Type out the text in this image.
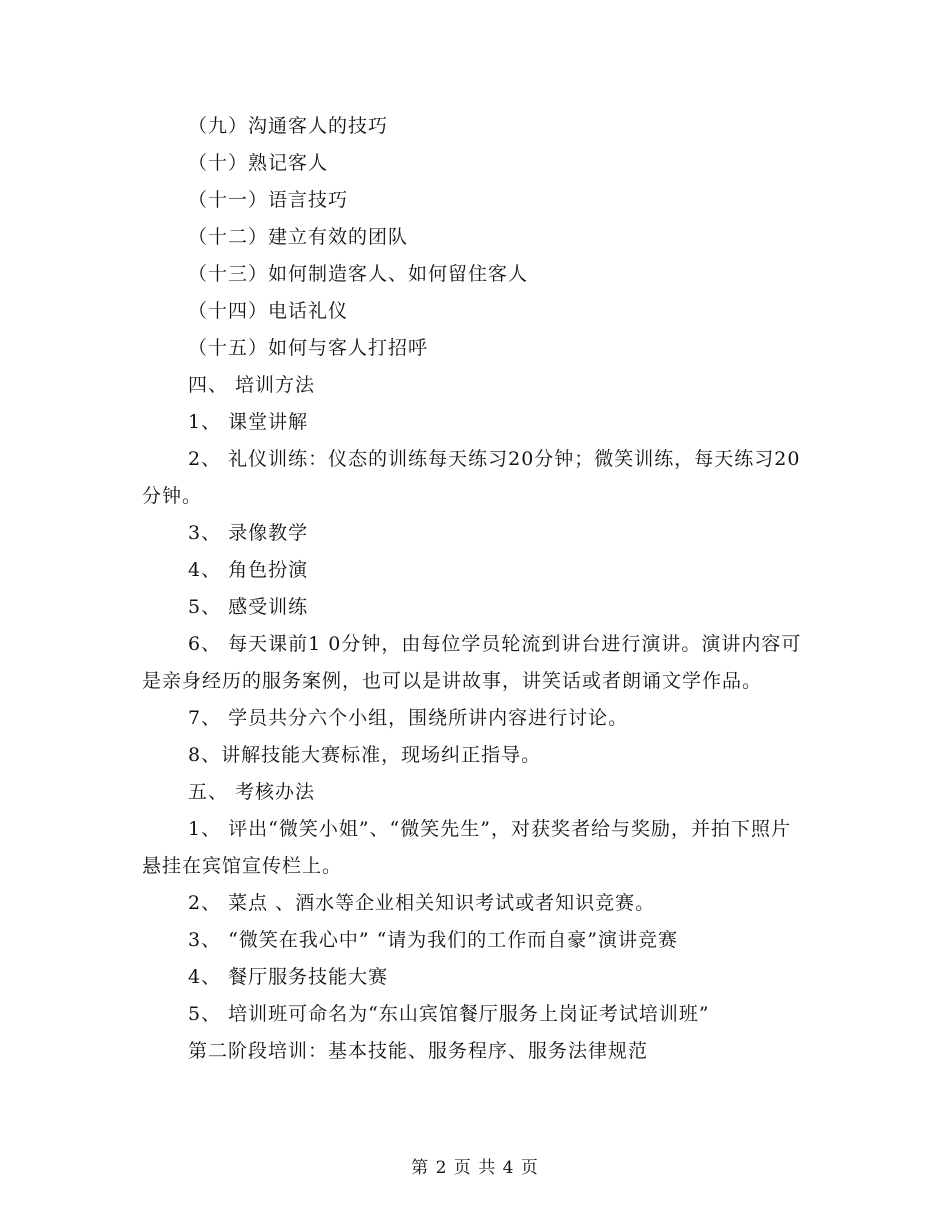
（九）沟通客人的技巧

（十）熟记客人

（十一）语言技巧

（十二）建立有效的团队

（十三）如何制造客人、如何留住客人

（十四）电话礼仪

（十五）如何与客人打招呼

四、 培训方法

1、 课堂讲解

2、 礼仪训练：仪态的训练每天练习20分钟；微笑训练，每天练习20分钟。

3、 录像教学

4、 角色扮演

5、 感受训练

6、 每天课前1 0分钟，由每位学员轮流到讲台进行演讲。演讲内容可是亲身经历的服务案例，也可以是讲故事，讲笑话或者朗诵文学作品。

7、 学员共分六个小组，围绕所讲内容进行讨论。

8、讲解技能大赛标准，现场纠正指导。

五、 考核办法

1、 评出“微笑小姐”、“微笑先生”，对获奖者给与奖励，并拍下照片悬挂在宾馆宣传栏上。

2、 菜点 、酒水等企业相关知识考试或者知识竞赛。

3、 “微笑在我心中” “请为我们的工作而自豪”演讲竞赛

4、 餐厅服务技能大赛

5、 培训班可命名为“东山宾馆餐厅服务上岗证考试培训班”

第二阶段培训：基本技能、服务程序、服务法律规范

第 2 页 共 4 页
